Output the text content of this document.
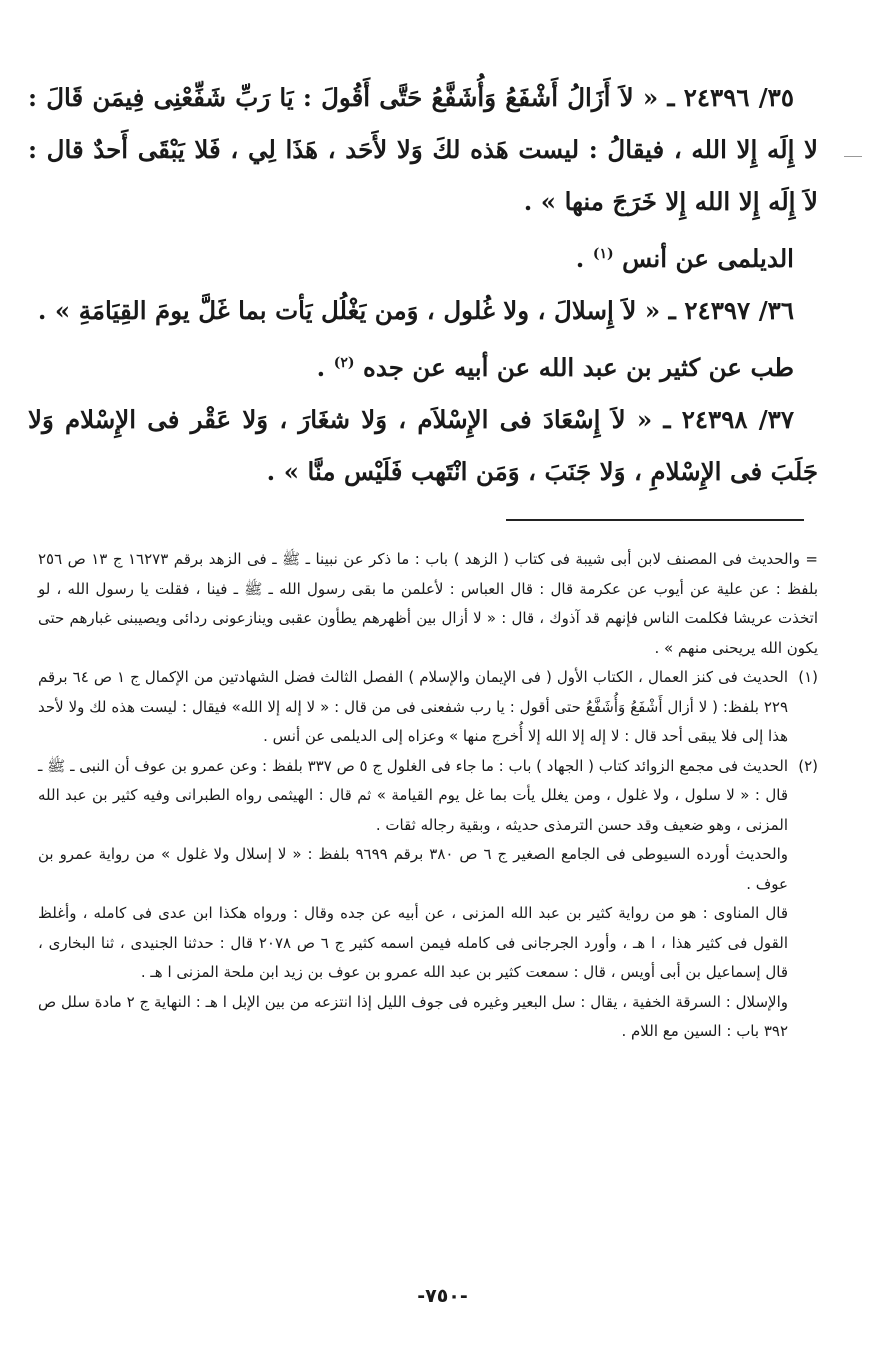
٣٥/ ٢٤٣٩٦ ـ « لاَ أَزَالُ أَشْفَعُ وَأُشَفَّعُ حَتَّى أَقُولَ : يَا رَبِّ شَفِّعْنِى فِيمَن قَالَ : لا إِلَه إِلا الله ، فيقالُ : ليست هَذه لكَ وَلا لأَحَد ، هَذَا لِي ، فَلا يَبْقَى أَحدٌ قال : لاَ إِلَه إِلا الله إِلا خَرَجَ منها » .

الديلمى عن أنس $^{(١)}$ .

٣٦/ ٢٤٣٩٧ ـ « لاَ إِسلالَ ، ولا غُلول ، وَمن يَغْلُل يَأت بما غَلَّ يومَ القِيَامَةِ » .

طب عن كثير بن عبد الله عن أبيه عن جده $^{(٢)}$ .

٣٧/ ٢٤٣٩٨ ـ « لاَ إِسْعَادَ فى الإِسْلاَم ، وَلا شغَارَ ، وَلا عَقْر فى الإِسْلام وَلا جَلَبَ فى الإِسْلامِ ، وَلا جَنَبَ ، وَمَن انْتَهب فَلَيْس منَّا » .

= والحديث فى المصنف لابن أبى شيبة فى كتاب ( الزهد ) باب : ما ذكر عن نبينا ـ ﷺ ـ فى الزهد برقم ١٦٢٧٣ ج ١٣ ص ٢٥٦ بلفظ : عن علية عن أيوب عن عكرمة قال : قال العباس : لأعلمن ما بقى رسول الله ـ ﷺ ـ فينا ، فقلت يا رسول الله ، لو اتخذت عريشا فكلمت الناس فإنهم قد آذوك ، قال : « لا أزال بين أظهرهم يطأون عقبى وينازعونى ردائى ويصيبنى غبارهم حتى يكون الله يريحنى منهم » .

(١)

الحديث فى كنز العمال ، الكتاب الأول ( فى الإيمان والإسلام ) الفصل الثالث فضل الشهادتين من الإكمال ج ١ ص ٦٤ برقم ٢٢٩ بلفظ: ( لا أزال أَشْفَعُ وَأُشَفَّعُ حتى أقول : يا رب شفعنى فى من قال : « لا إله إلا الله» فيقال : ليست هذه لك ولا لأحد هذا إلى فلا يبقى أحد قال : لا إله إلا الله إلا أُخرج منها » وعزاه إلى الديلمى عن أنس .

(٢)

الحديث فى مجمع الزوائد كتاب ( الجهاد ) باب : ما جاء فى الغلول ج ٥ ص ٣٣٧ بلفظ : وعن عمرو بن عوف أن النبى ـ ﷺ ـ قال : « لا سلول ، ولا غلول ، ومن يغلل يأت بما غل يوم القيامة » ثم قال : الهيثمى رواه الطبرانى وفيه كثير بن عبد الله المزنى ، وهو ضعيف وقد حسن الترمذى حديثه ، وبقية رجاله ثقات .

والحديث أورده السيوطى فى الجامع الصغير ج ٦ ص ٣٨٠ برقم ٩٦٩٩ بلفظ : « لا إسلال ولا غلول » من رواية عمرو بن عوف .

قال المناوى : هو من رواية كثير بن عبد الله المزنى ، عن أبيه عن جده وقال : ورواه هكذا ابن عدى فى كامله ، وأغلظ القول فى كثير هذا ، ا هـ ، وأورد الجرجانى فى كامله فيمن اسمه كثير ج ٦ ص ٢٠٧٨ قال : حدثنا الجنيدى ، ثنا البخارى ، قال إسماعيل بن أبى أويس ، قال : سمعت كثير بن عبد الله عمرو بن عوف بن زيد ابن ملحة المزنى ا هـ .

والإسلال : السرقة الخفية ، يقال : سل البعير وغيره فى جوف الليل إذا انتزعه من بين الإبل ا هـ : النهاية ج ٢ مادة سلل ص ٣٩٢ باب : السين مع اللام .

-٧٥٠-
